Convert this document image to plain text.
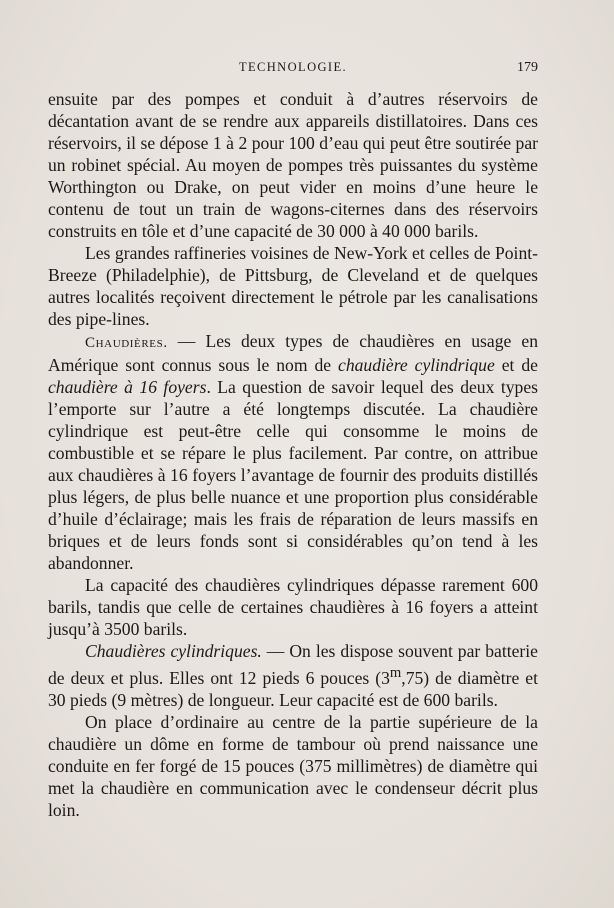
TECHNOLOGIE.	179

ensuite par des pompes et conduit à d’autres réservoirs de décantation avant de se rendre aux appareils distillatoires. Dans ces réservoirs, il se dépose 1 à 2 pour 100 d’eau qui peut être soutirée par un robinet spécial. Au moyen de pompes très puissantes du système Worthington ou Drake, on peut vider en moins d’une heure le contenu de tout un train de wagons-citernes dans des réservoirs construits en tôle et d’une capacité de 30 000 à 40 000 barils.

Les grandes raffineries voisines de New-York et celles de Point-Breeze (Philadelphie), de Pittsburg, de Cleveland et de quelques autres localités reçoivent directement le pétrole par les canalisations des pipe-lines.

Chaudières. — Les deux types de chaudières en usage en Amérique sont connus sous le nom de chaudière cylindrique et de chaudière à 16 foyers. La question de savoir lequel des deux types l’emporte sur l’autre a été longtemps discutée. La chaudière cylindrique est peut-être celle qui consomme le moins de combustible et se répare le plus facilement. Par contre, on attribue aux chaudières à 16 foyers l’avantage de fournir des produits distillés plus légers, de plus belle nuance et une proportion plus considérable d’huile d’éclairage; mais les frais de réparation de leurs massifs en briques et de leurs fonds sont si considérables qu’on tend à les abandonner.

La capacité des chaudières cylindriques dépasse rarement 600 barils, tandis que celle de certaines chaudières à 16 foyers a atteint jusqu’à 3500 barils.

Chaudières cylindriques. — On les dispose souvent par batterie de deux et plus. Elles ont 12 pieds 6 pouces (3$^m$,75) de diamètre et 30 pieds (9 mètres) de longueur. Leur capacité est de 600 barils.

On place d’ordinaire au centre de la partie supérieure de la chaudière un dôme en forme de tambour où prend naissance une conduite en fer forgé de 15 pouces (375 millimètres) de diamètre qui met la chaudière en communication avec le condenseur décrit plus loin.
